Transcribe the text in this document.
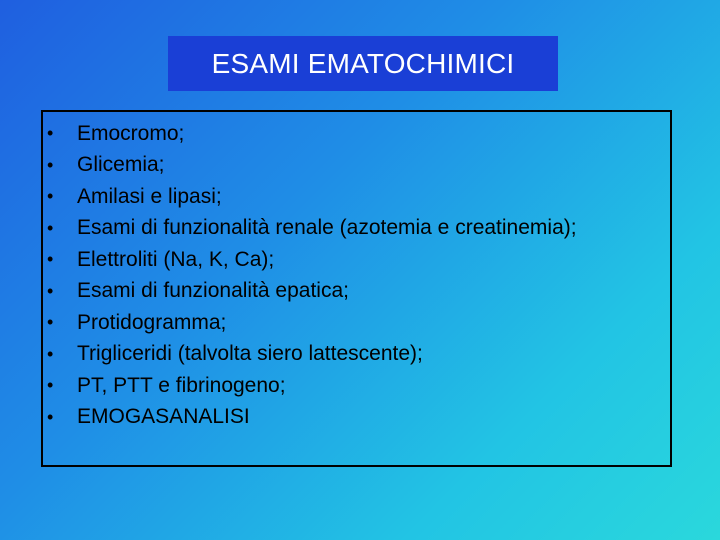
ESAMI EMATOCHIMICI
•	Emocromo;
•	Glicemia;
•	Amilasi e lipasi;
•	Esami di funzionalità renale (azotemia e creatinemia);
•	Elettroliti (Na, K, Ca);
•	Esami di funzionalità epatica;
•	Protidogramma;
•	Trigliceridi (talvolta siero lattescente);
•	PT, PTT e fibrinogeno;
•	EMOGASANALISI
